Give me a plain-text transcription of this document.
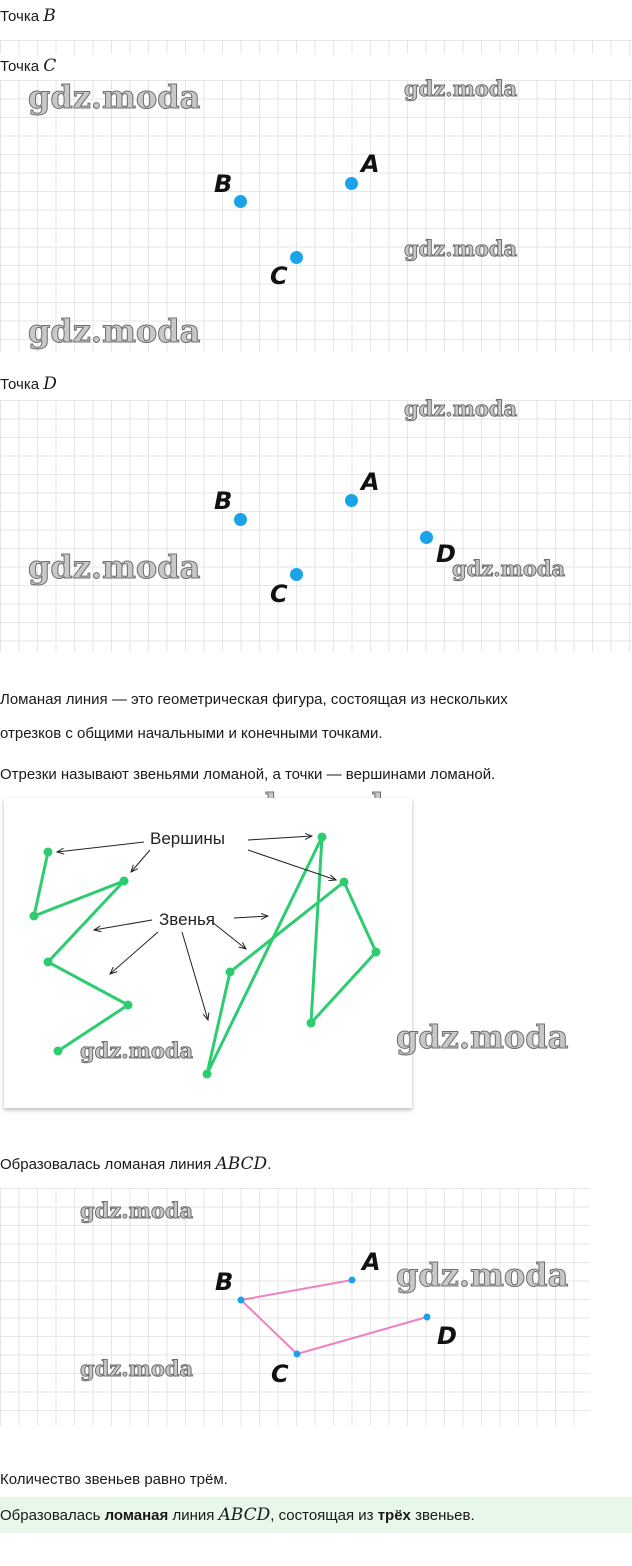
Точка B
Точка C
gdz.moda	gdz.moda
gdz.moda
gdz.moda
A
B
C
Точка D
gdz.moda
gdz.moda	gdz.moda
A
B
C
D
Ломаная линия — это геометрическая фигура, состоящая из нескольких
отрезков с общими начальными и конечными точками.
Отрезки называют звеньями ломаной, а точки — вершинами ломаной.
Вершины
Звенья
gdz.moda	gdz.moda
Образовалась ломаная линия ABCD.
gdz.moda
gdz.moda
gdz.moda
A
B
C
D
Количество звеньев равно трём.
Образовалась ломаная линия ABCD, состоящая из трёх звеньев.
